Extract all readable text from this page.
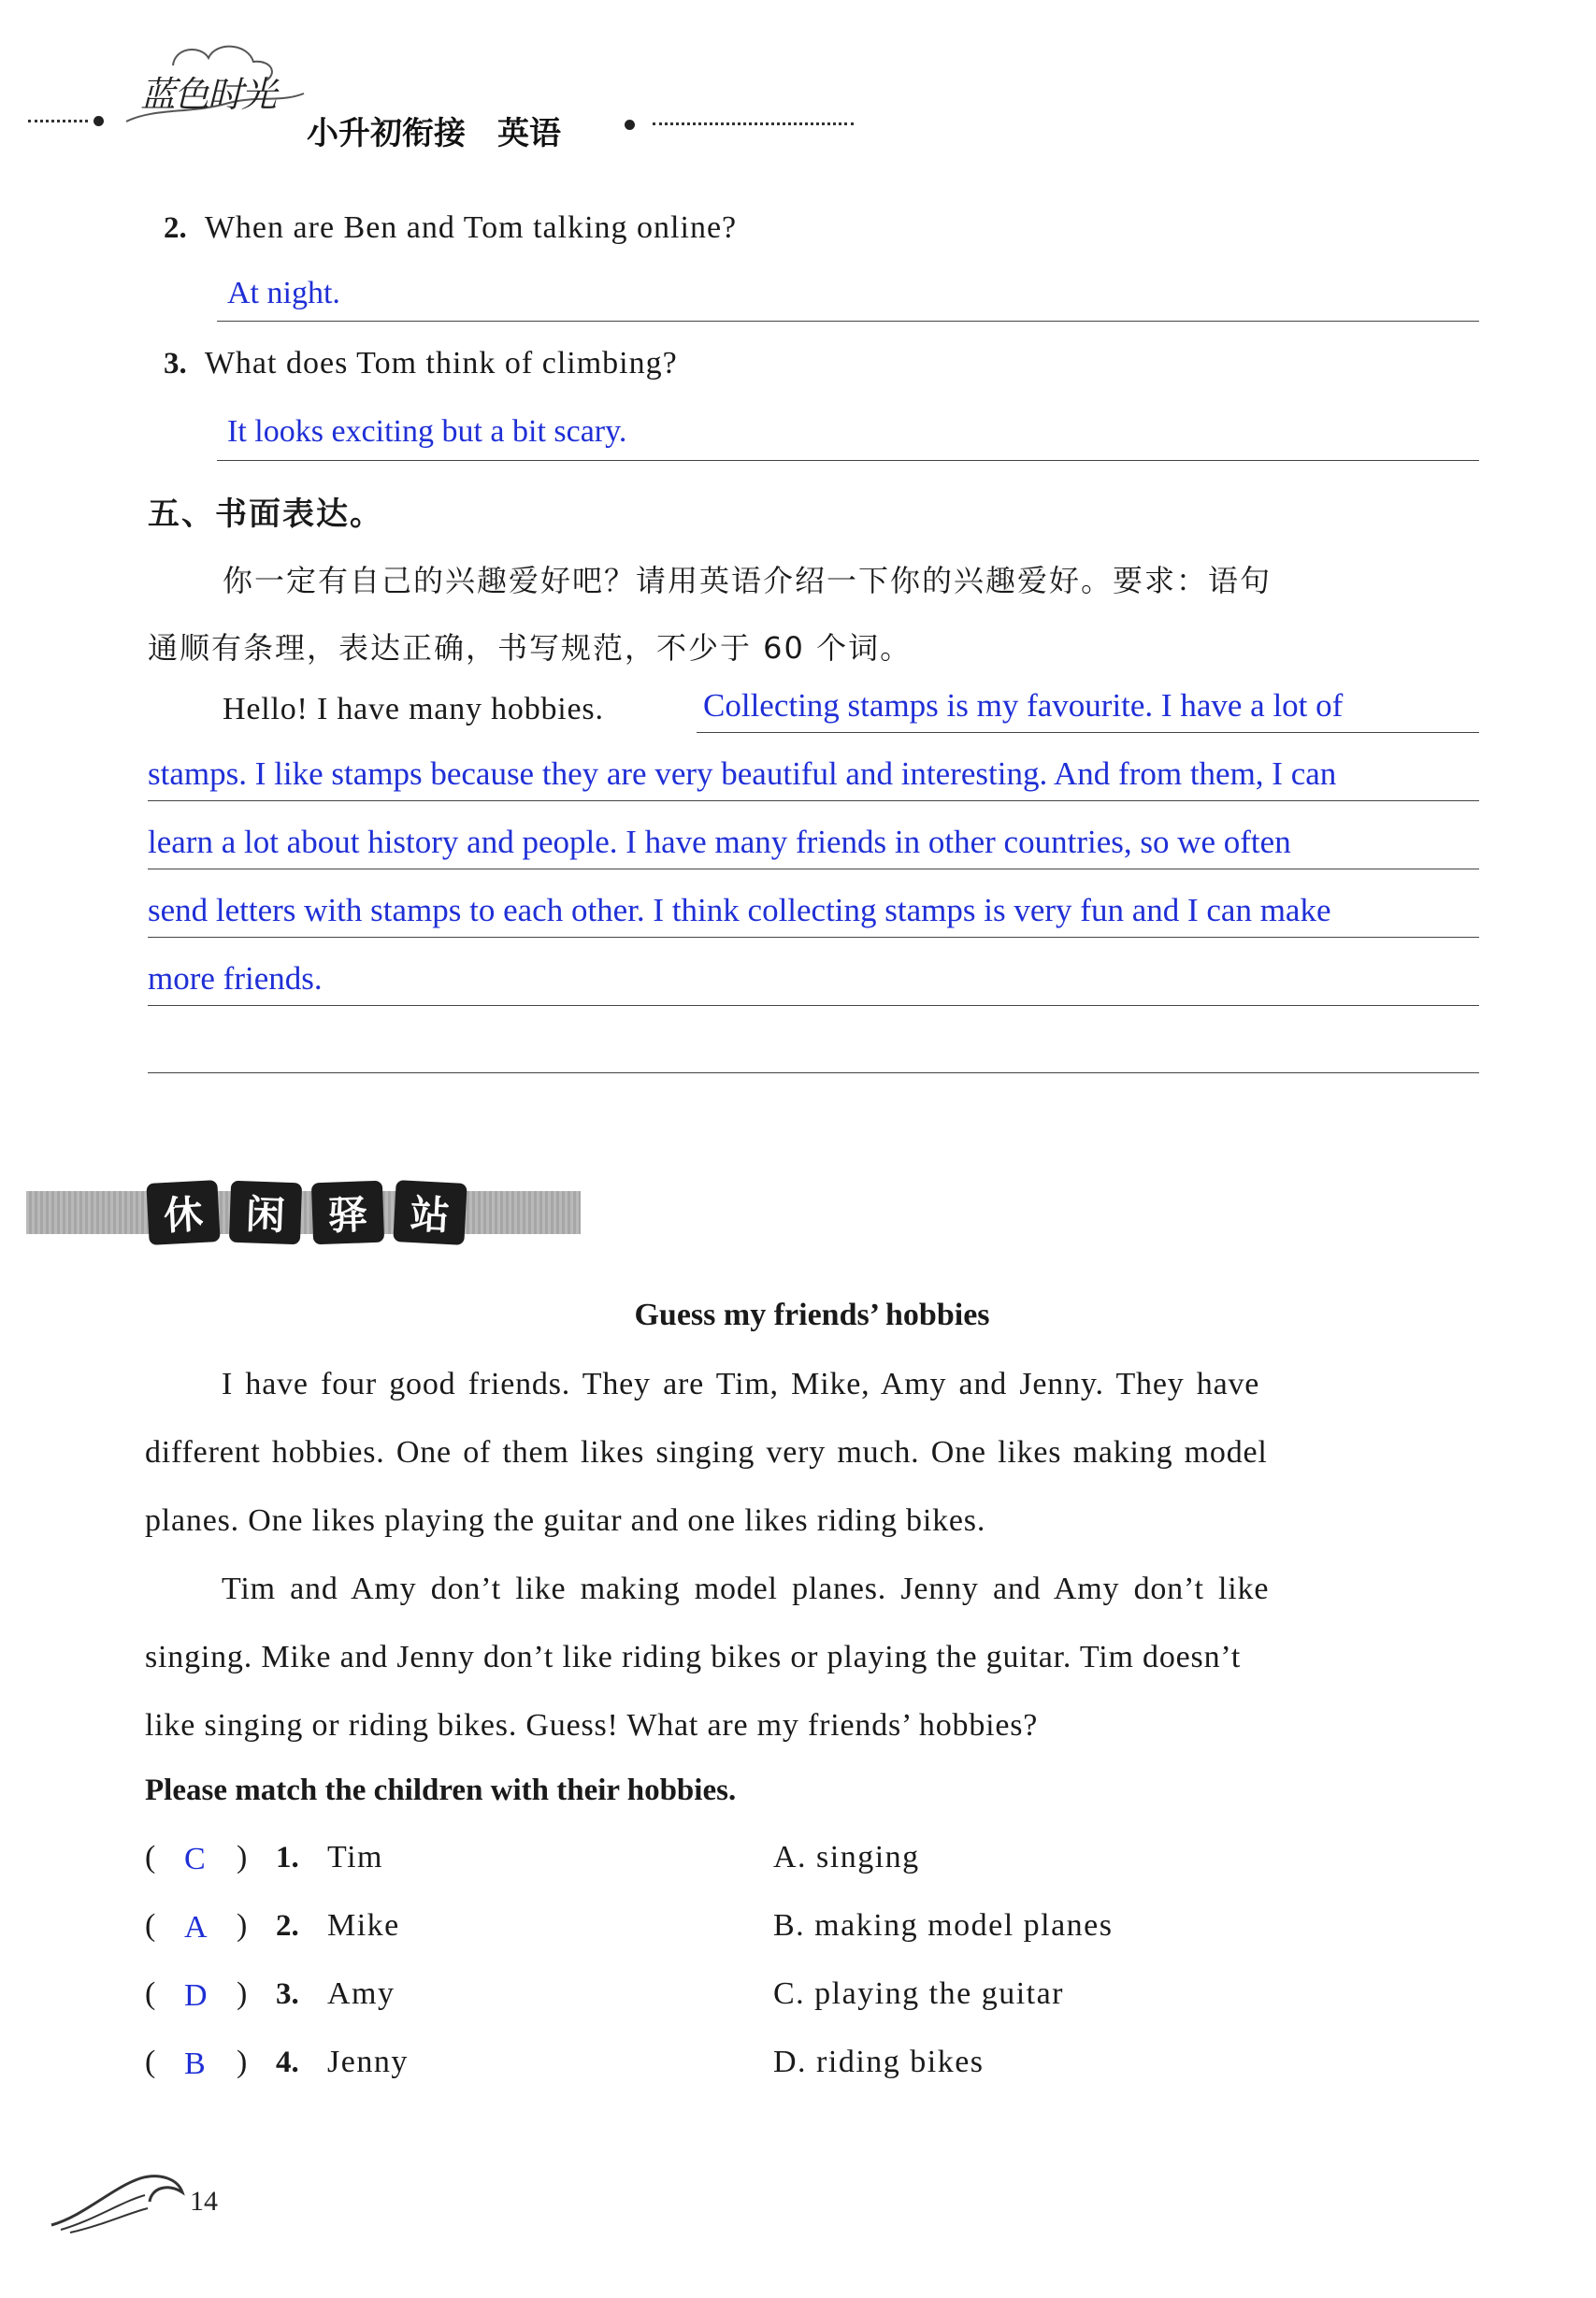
蓝色时光
小升初衔接　英语
2. When are Ben and Tom talking online?
At night.
3. What does Tom think of climbing?
It looks exciting but a bit scary.
五、书面表达。
你一定有自己的兴趣爱好吧？请用英语介绍一下你的兴趣爱好。要求：语句
通顺有条理，表达正确，书写规范，不少于 60 个词。
Hello! I have many hobbies.	Collecting stamps is my favourite. I have a lot of
stamps. I like stamps because they are very beautiful and interesting. And from them, I can
learn a lot about history and people. I have many friends in other countries, so we often
send letters with stamps to each other. I think collecting stamps is very fun and I can make
more friends.
休 闲 驿 站
Guess my friends’ hobbies
I have four good friends. They are Tim, Mike, Amy and Jenny. They have
different hobbies. One of them likes singing very much. One likes making model
planes. One likes playing the guitar and one likes riding bikes.
Tim and Amy don’t like making model planes. Jenny and Amy don’t like
singing. Mike and Jenny don’t like riding bikes or playing the guitar. Tim doesn’t
like singing or riding bikes. Guess! What are my friends’ hobbies?
Please match the children with their hobbies.
( C ) 1. Tim	A. singing
( A ) 2. Mike	B. making model planes
( D ) 3. Amy	C. playing the guitar
( B ) 4. Jenny	D. riding bikes
14
